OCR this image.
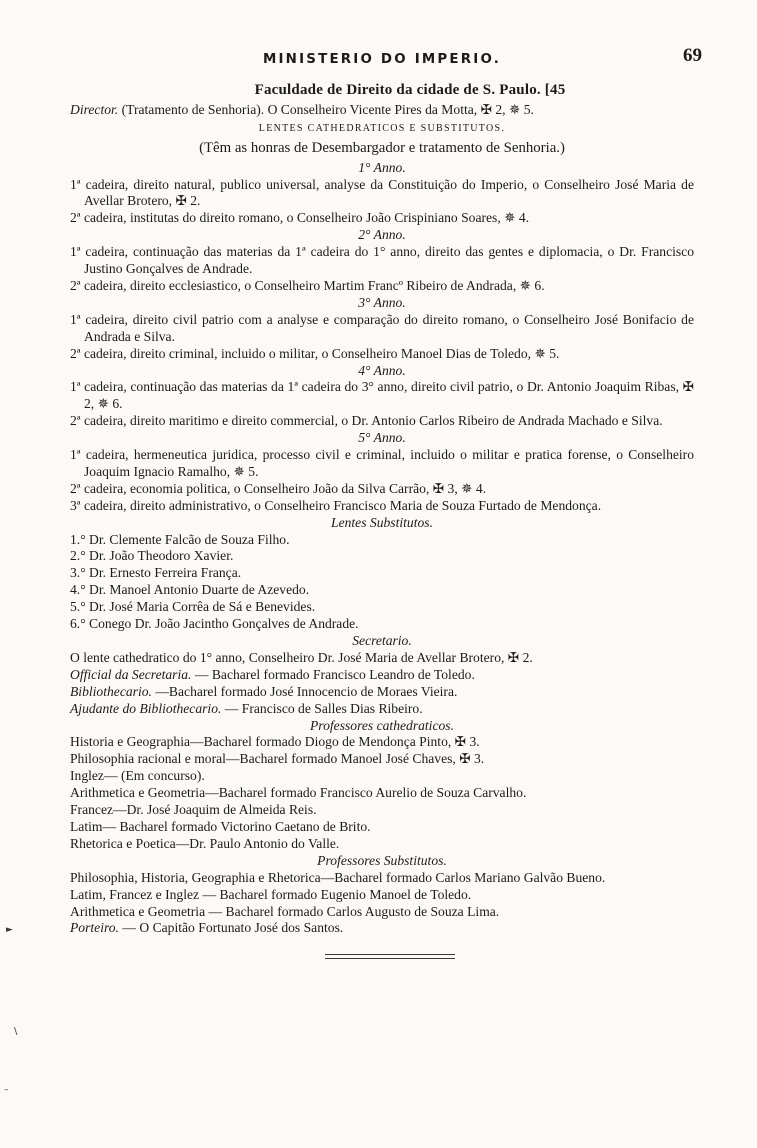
MINISTERIO DO IMPERIO.	69
Faculdade de Direito da cidade de S. Paulo. [45
Director. (Tratamento de Senhoria). O Conselheiro Vicente Pires da Motta, ✠ 2, ✵ 5.
LENTES CATHEDRATICOS E SUBSTITUTOS.
(Têm as honras de Desembargador e tratamento de Senhoria.)
1° Anno.
1ª cadeira, direito natural, publico universal, analyse da Constituição do Imperio, o Conselheiro José Maria de Avellar Brotero, ✠ 2.
2ª cadeira, institutas do direito romano, o Conselheiro João Crispiniano Soares, ✵ 4.
2° Anno.
1ª cadeira, continuação das materias da 1ª cadeira do 1° anno, direito das gentes e diplomacia, o Dr. Francisco Justino Gonçalves de Andrade.
2ª cadeira, direito ecclesiastico, o Conselheiro Martim Francº Ribeiro de Andrada, ✵ 6.
3° Anno.
1ª cadeira, direito civil patrio com a analyse e comparação do direito romano, o Conselheiro José Bonifacio de Andrada e Silva.
2ª cadeira, direito criminal, incluido o militar, o Conselheiro Manoel Dias de Toledo, ✵ 5.
4° Anno.
1ª cadeira, continuação das materias da 1ª cadeira do 3° anno, direito civil patrio, o Dr. Antonio Joaquim Ribas, ✠ 2, ✵ 6.
2ª cadeira, direito maritimo e direito commercial, o Dr. Antonio Carlos Ribeiro de Andrada Machado e Silva.
5° Anno.
1ª cadeira, hermeneutica juridica, processo civil e criminal, incluido o militar e pratica forense, o Conselheiro Joaquim Ignacio Ramalho, ✵ 5.
2ª cadeira, economia politica, o Conselheiro João da Silva Carrão, ✠ 3, ✵ 4.
3ª cadeira, direito administrativo, o Conselheiro Francisco Maria de Souza Furtado de Mendonça.
Lentes Substitutos.
1.° Dr. Clemente Falcão de Souza Filho.
2.° Dr. João Theodoro Xavier.
3.° Dr. Ernesto Ferreira França.
4.° Dr. Manoel Antonio Duarte de Azevedo.
5.° Dr. José Maria Corrêa de Sá e Benevides.
6.° Conego Dr. João Jacintho Gonçalves de Andrade.
Secretario.
O lente cathedratico do 1° anno, Conselheiro Dr. José Maria de Avellar Brotero, ✠ 2.
Official da Secretaria. — Bacharel formado Francisco Leandro de Toledo.
Bibliothecario. —Bacharel formado José Innocencio de Moraes Vieira.
Ajudante do Bibliothecario. — Francisco de Salles Dias Ribeiro.
Professores cathedraticos.
Historia e Geographia—Bacharel formado Diogo de Mendonça Pinto, ✠ 3.
Philosophia racional e moral—Bacharel formado Manoel José Chaves, ✠ 3.
Inglez— (Em concurso).
Arithmetica e Geometria—Bacharel formado Francisco Aurelio de Souza Carvalho.
Francez—Dr. José Joaquim de Almeida Reis.
Latim— Bacharel formado Victorino Caetano de Brito.
Rhetorica e Poetica—Dr. Paulo Antonio do Valle.
Professores Substitutos.
Philosophia, Historia, Geographia e Rhetorica—Bacharel formado Carlos Mariano Galvão Bueno.
Latim, Francez e Inglez — Bacharel formado Eugenio Manoel de Toledo.
Arithmetica e Geometria — Bacharel formado Carlos Augusto de Souza Lima.
Porteiro. — O Capitão Fortunato José dos Santos.
►
\
–
